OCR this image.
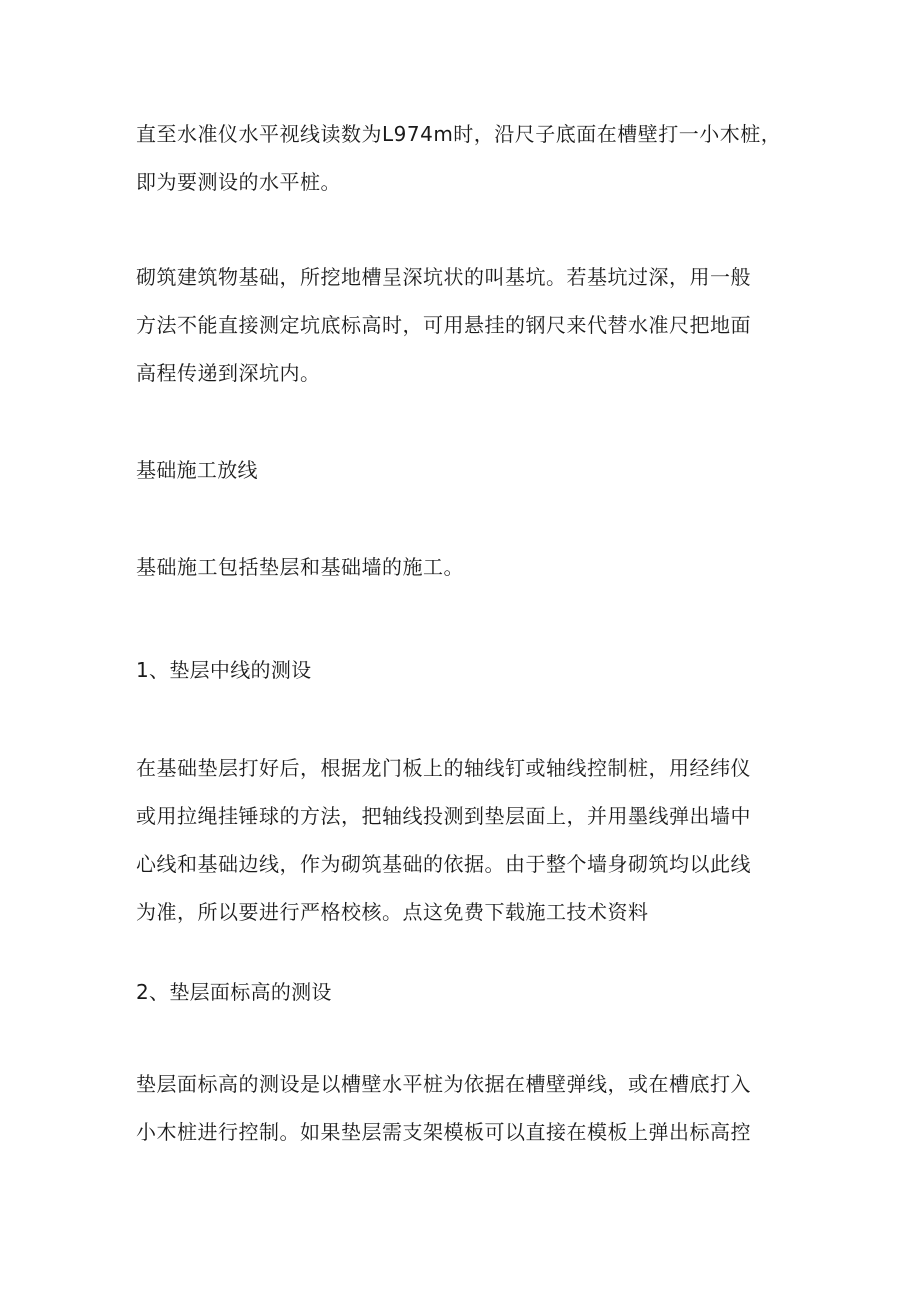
直至水准仪水平视线读数为L974m时，沿尺子底面在槽壁打一小木桩，
即为要测设的水平桩。
砌筑建筑物基础，所挖地槽呈深坑状的叫基坑。若基坑过深，用一般
方法不能直接测定坑底标高时，可用悬挂的钢尺来代替水准尺把地面
高程传递到深坑内。
基础施工放线
基础施工包括垫层和基础墙的施工。
1、垫层中线的测设
在基础垫层打好后，根据龙门板上的轴线钉或轴线控制桩，用经纬仪
或用拉绳挂锤球的方法，把轴线投测到垫层面上，并用墨线弹出墙中
心线和基础边线，作为砌筑基础的依据。由于整个墙身砌筑均以此线
为准，所以要进行严格校核。点这免费下载施工技术资料
2、垫层面标高的测设
垫层面标高的测设是以槽壁水平桩为依据在槽壁弹线，或在槽底打入
小木桩进行控制。如果垫层需支架模板可以直接在模板上弹出标高控
